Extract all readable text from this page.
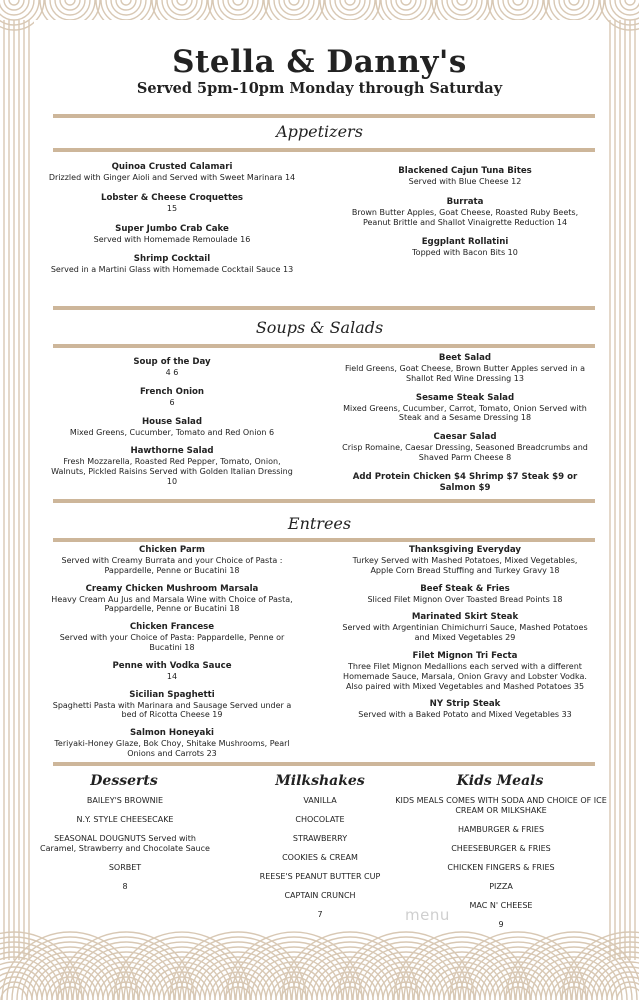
Stella & Danny's
Served 5pm-10pm Monday through Saturday
Appetizers
Quinoa Crusted Calamari
Drizzled with Ginger Aioli and Served with Sweet Marinara 14
Lobster & Cheese Croquettes
15
Super Jumbo Crab Cake
Served with Homemade Remoulade 16
Shrimp Cocktail
Served in a Martini Glass with Homemade Cocktail Sauce 13
Blackened Cajun Tuna Bites
Served with Blue Cheese 12
Burrata
Brown Butter Apples, Goat Cheese, Roasted Ruby Beets, Peanut Brittle and Shallot Vinaigrette Reduction 14
Eggplant Rollatini
Topped with Bacon Bits 10
Soups & Salads
Soup of the Day
4 6
French Onion
6
House Salad
Mixed Greens, Cucumber, Tomato and Red Onion 6
Hawthorne Salad
Fresh Mozzarella, Roasted Red Pepper, Tomato, Onion, Walnuts, Pickled Raisins Served with Golden Italian Dressing 10
Beet Salad
Field Greens, Goat Cheese, Brown Butter Apples served in a Shallot Red Wine Dressing 13
Sesame Steak Salad
Mixed Greens, Cucumber, Carrot, Tomato, Onion Served with Steak and a Sesame Dressing 18
Caesar Salad
Crisp Romaine, Caesar Dressing, Seasoned Breadcrumbs and Shaved Parm Cheese 8
Add Protein Chicken $4 Shrimp $7 Steak $9 or Salmon $9
Entrees
Chicken Parm
Served with Creamy Burrata and your Choice of Pasta : Pappardelle, Penne or Bucatini 18
Creamy Chicken Mushroom Marsala
Heavy Cream Au Jus and Marsala Wine with Choice of Pasta, Pappardelle, Penne or Bucatini 18
Chicken Francese
Served with your Choice of Pasta: Pappardelle, Penne or Bucatini 18
Penne with Vodka Sauce
14
Sicilian Spaghetti
Spaghetti Pasta with Marinara and Sausage Served under a bed of Ricotta Cheese 19
Salmon Honeyaki
Teriyaki-Honey Glaze, Bok Choy, Shitake Mushrooms, Pearl Onions and Carrots 23
Thanksgiving Everyday
Turkey Served with Mashed Potatoes, Mixed Vegetables, Apple Corn Bread Stuffing and Turkey Gravy 18
Beef Steak & Fries
Sliced Filet Mignon Over Toasted Bread Points 18
Marinated Skirt Steak
Served with Argentinian Chimichurri Sauce, Mashed Potatoes and Mixed Vegetables 29
Filet Mignon Tri Fecta
Three Filet Mignon Medallions each served with a different Homemade Sauce, Marsala, Onion Gravy and Lobster Vodka. Also paired with Mixed Vegetables and Mashed Potatoes 35
NY Strip Steak
Served with a Baked Potato and Mixed Vegetables 33
Desserts	Milkshakes	Kids Meals
BAILEY'S BROWNIE
N.Y. STYLE CHEESECAKE
SEASONAL DOUGNUTS Served with Caramel, Strawberry and Chocolate Sauce
SORBET
8
VANILLA
CHOCOLATE
STRAWBERRY
COOKIES & CREAM
REESE'S PEANUT BUTTER CUP
CAPTAIN CRUNCH
7
KIDS MEALS COMES WITH SODA AND CHOICE OF ICE CREAM OR MILKSHAKE
HAMBURGER & FRIES
CHEESEBURGER & FRIES
CHICKEN FINGERS & FRIES
PIZZA
MAC N' CHEESE
9
menu
